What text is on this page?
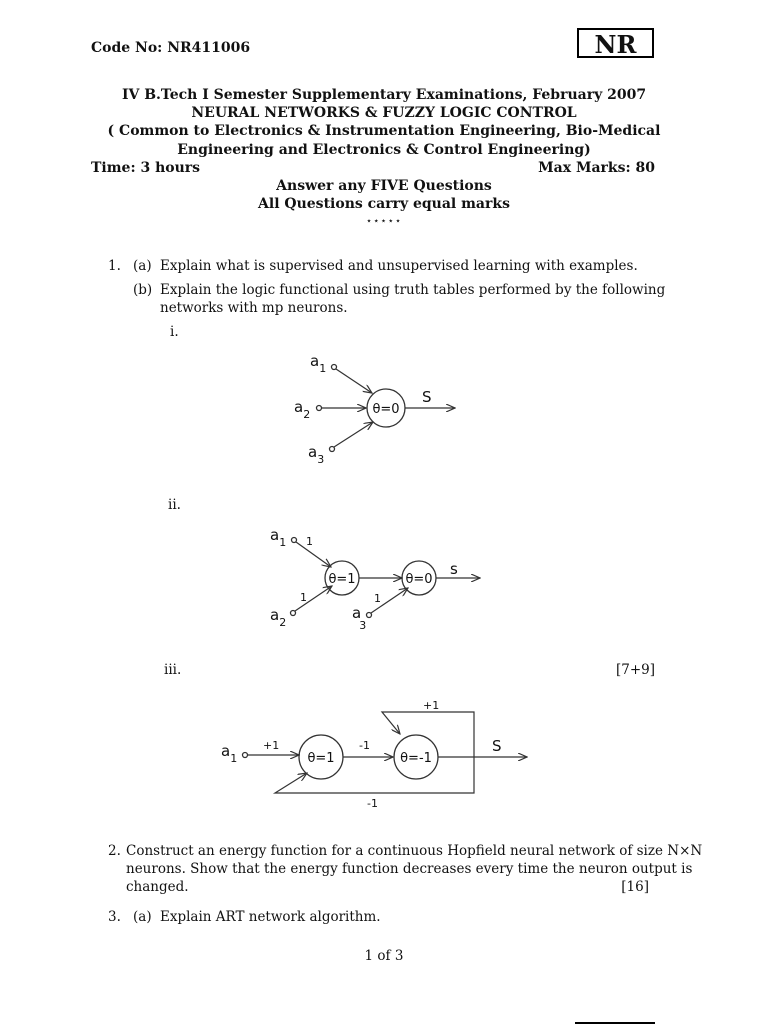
Code No: NR411006	NR
IV B.Tech I Semester Supplementary Examinations, February 2007
NEURAL NETWORKS & FUZZY LOGIC CONTROL
( Common to Electronics & Instrumentation Engineering, Bio-Medical
Engineering and Electronics & Control Engineering)
Time: 3 hours	Max Marks: 80
Answer any FIVE Questions
All Questions carry equal marks
⋆⋆⋆⋆⋆
1. (a) Explain what is supervised and unsupervised learning with examples.
(b) Explain the logic functional using truth tables performed by the following
networks with mp neurons.
i.
$a_1$
$a_2$
$a_3$
θ=0
S
ii.
$a_1$ 1
$a_2$
1
θ=1
a 3
1
θ=0
s
iii.	[7+9]
$a_1$
+1
θ=1
-1
θ=-1
S
+1
-1
2. Construct an energy function for a continuous Hopfield neural network of size N×N
neurons. Show that the energy function decreases every time the neuron output is
changed.	[16]
3. (a) Explain ART network algorithm.
1 of 3
